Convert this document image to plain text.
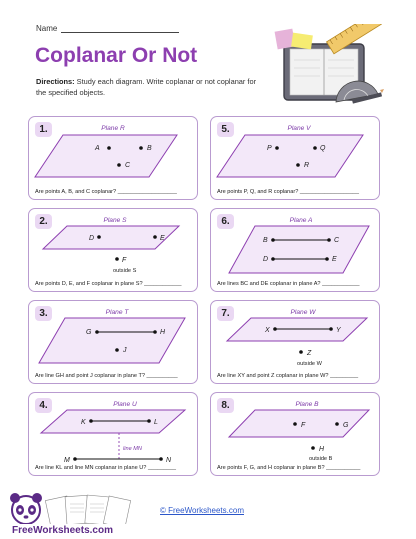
Name
Coplanar Or Not
Directions: Study each diagram. Write coplanar or not coplanar for the specified objects.
Plane R
A	B
C
1.
Are points A, B, and C coplanar? ___________________
Plane V
P	Q
R
5.
Are points P, Q, and R coplanar? ___________________
Plane S
D	E
F
outside S
2.
Are points D, E, and F coplanar in plane S? ____________
Plane A
B	C
D	E
6.
Are lines BC and DE coplanar in plane A? ____________
Plane T
G	H
J
3.
Are line GH and point J coplanar in plane T? __________
Plane W
X	Y
Z
outside W
7.
Are line XY and point Z coplanar in plane W? _________
Plane U
K	L
line MN
M	N
4.
Are line KL and line MN coplanar in plane U? _________
Plane B
F	G
H
outside B
8.
Are points F, G, and H coplanar in plane B? ___________
FreeWorksheets.com
© FreeWorksheets.com
